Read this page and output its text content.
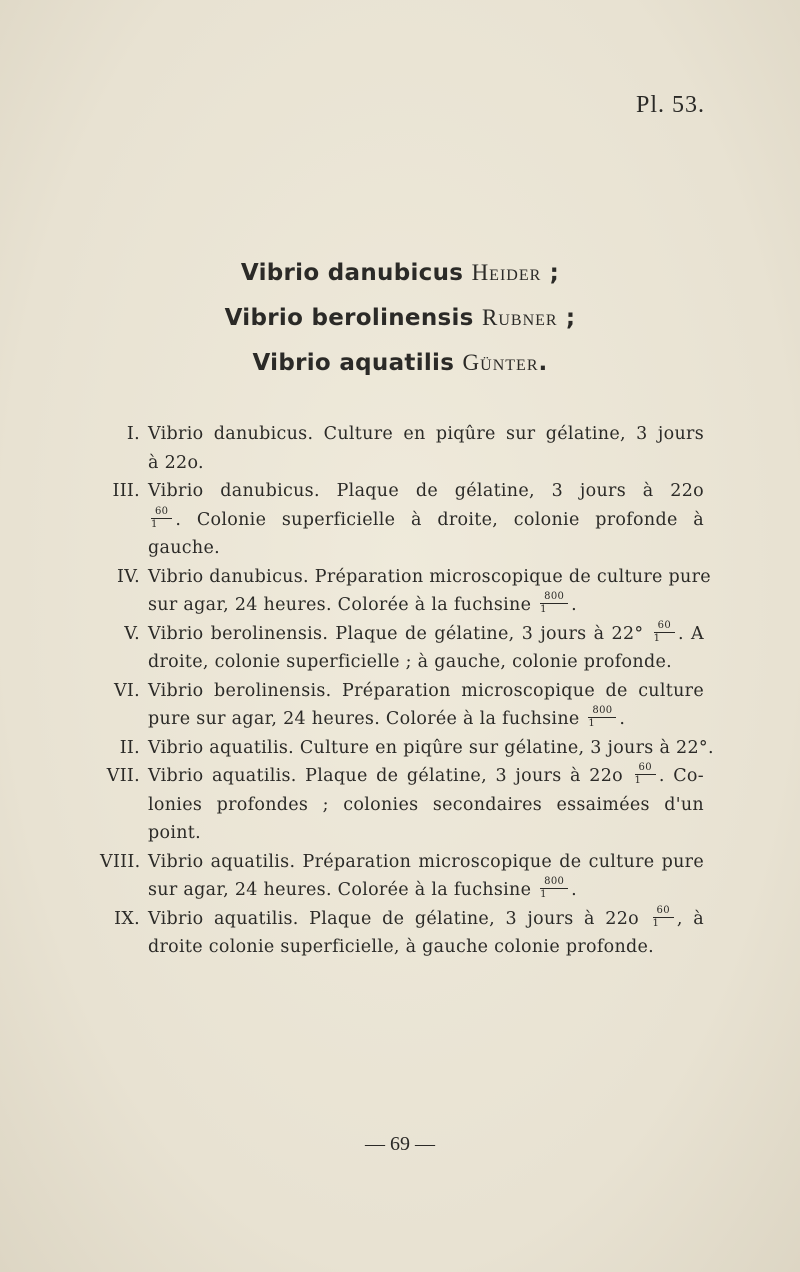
Pl. 53.
Vibrio danubicus Heider ;
Vibrio berolinensis Rubner ;
Vibrio aquatilis Günter.
I. Vibrio danubicus. Culture en piqûre sur gélatine, 3 jours
à 22o.
III. Vibrio danubicus. Plaque de gélatine, 3 jours à 22o
$\frac{60}{1}$ . Colonie superficielle à droite, colonie profonde à
gauche.
IV. Vibrio danubicus. Préparation microscopique de culture pure
sur agar, 24 heures. Colorée à la fuchsine $\frac{800}{1}$ .
V. Vibrio berolinensis. Plaque de gélatine, 3 jours à $22^\circ \frac{60}{1}$ . A
droite, colonie superficielle ; à gauche, colonie profonde.
VI. Vibrio berolinensis. Préparation microscopique de culture
pure sur agar, 24 heures. Colorée à la fuchsine $\frac{800}{1}$ .
II. Vibrio aquatilis. Culture en piqûre sur gélatine, 3 jours à 22°.
VII. Vibrio aquatilis. Plaque de gélatine, 3 jours à $22o \frac{60}{1}$ . Co-
lonies profondes ; colonies secondaires essaimées d'un
point.
VIII. Vibrio aquatilis. Préparation microscopique de culture pure
sur agar, 24 heures. Colorée à la fuchsine $\frac{800}{1}$ .
IX. Vibrio aquatilis. Plaque de gélatine, 3 jours à $22o \frac{60}{1}$ , à
droite colonie superficielle, à gauche colonie profonde.
— 69 —
